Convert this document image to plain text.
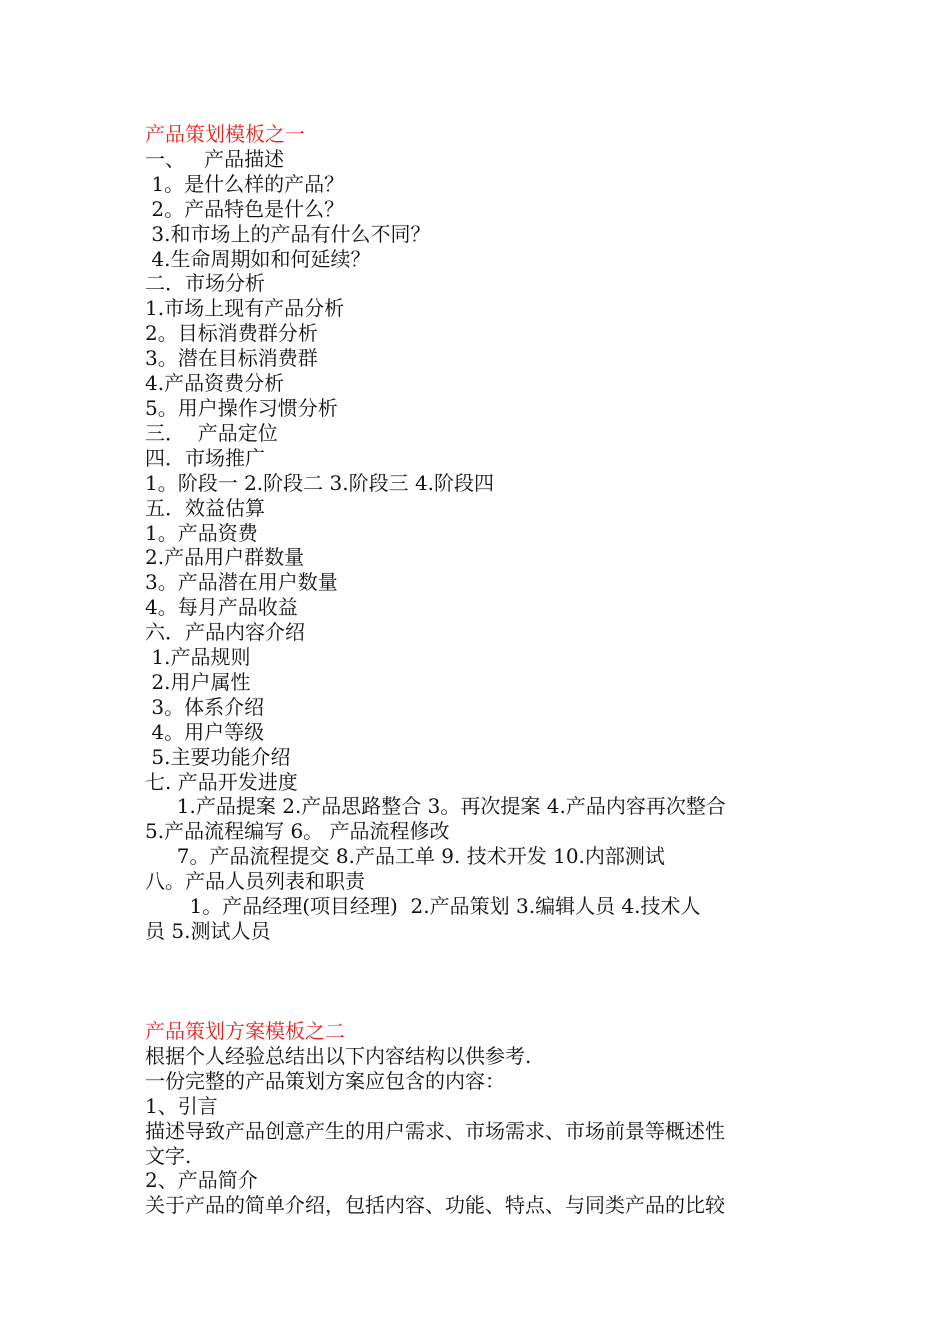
产品策划模板之一

一、   产品描述

1。是什么样的产品？

2。产品特色是什么？

3.和市场上的产品有什么不同？

4.生命周期如和何延续？

二．市场分析

1.市场上现有产品分析

2。目标消费群分析

3。潜在目标消费群

4.产品资费分析

5。用户操作习惯分析

三．  产品定位

四．市场推广

1。阶段一 2.阶段二 3.阶段三 4.阶段四

五．效益估算

1。产品资费

2.产品用户群数量

3。产品潜在用户数量

4。每月产品收益

六．产品内容介绍

1.产品规则

2.用户属性

3。体系介绍

4。用户等级

5.主要功能介绍

七. 产品开发进度

1.产品提案 2.产品思路整合 3。再次提案 4.产品内容再次整合

5.产品流程编写 6。 产品流程修改

7。产品流程提交 8.产品工单 9. 技术开发 10.内部测试

八。产品人员列表和职责

1。产品经理(项目经理)  2.产品策划 3.编辑人员 4.技术人

员 5.测试人员

产品策划方案模板之二

根据个人经验总结出以下内容结构以供参考.

一份完整的产品策划方案应包含的内容：

1、引言

描述导致产品创意产生的用户需求、市场需求、市场前景等概述性

文字.

2、产品简介

关于产品的简单介绍，包括内容、功能、特点、与同类产品的比较
